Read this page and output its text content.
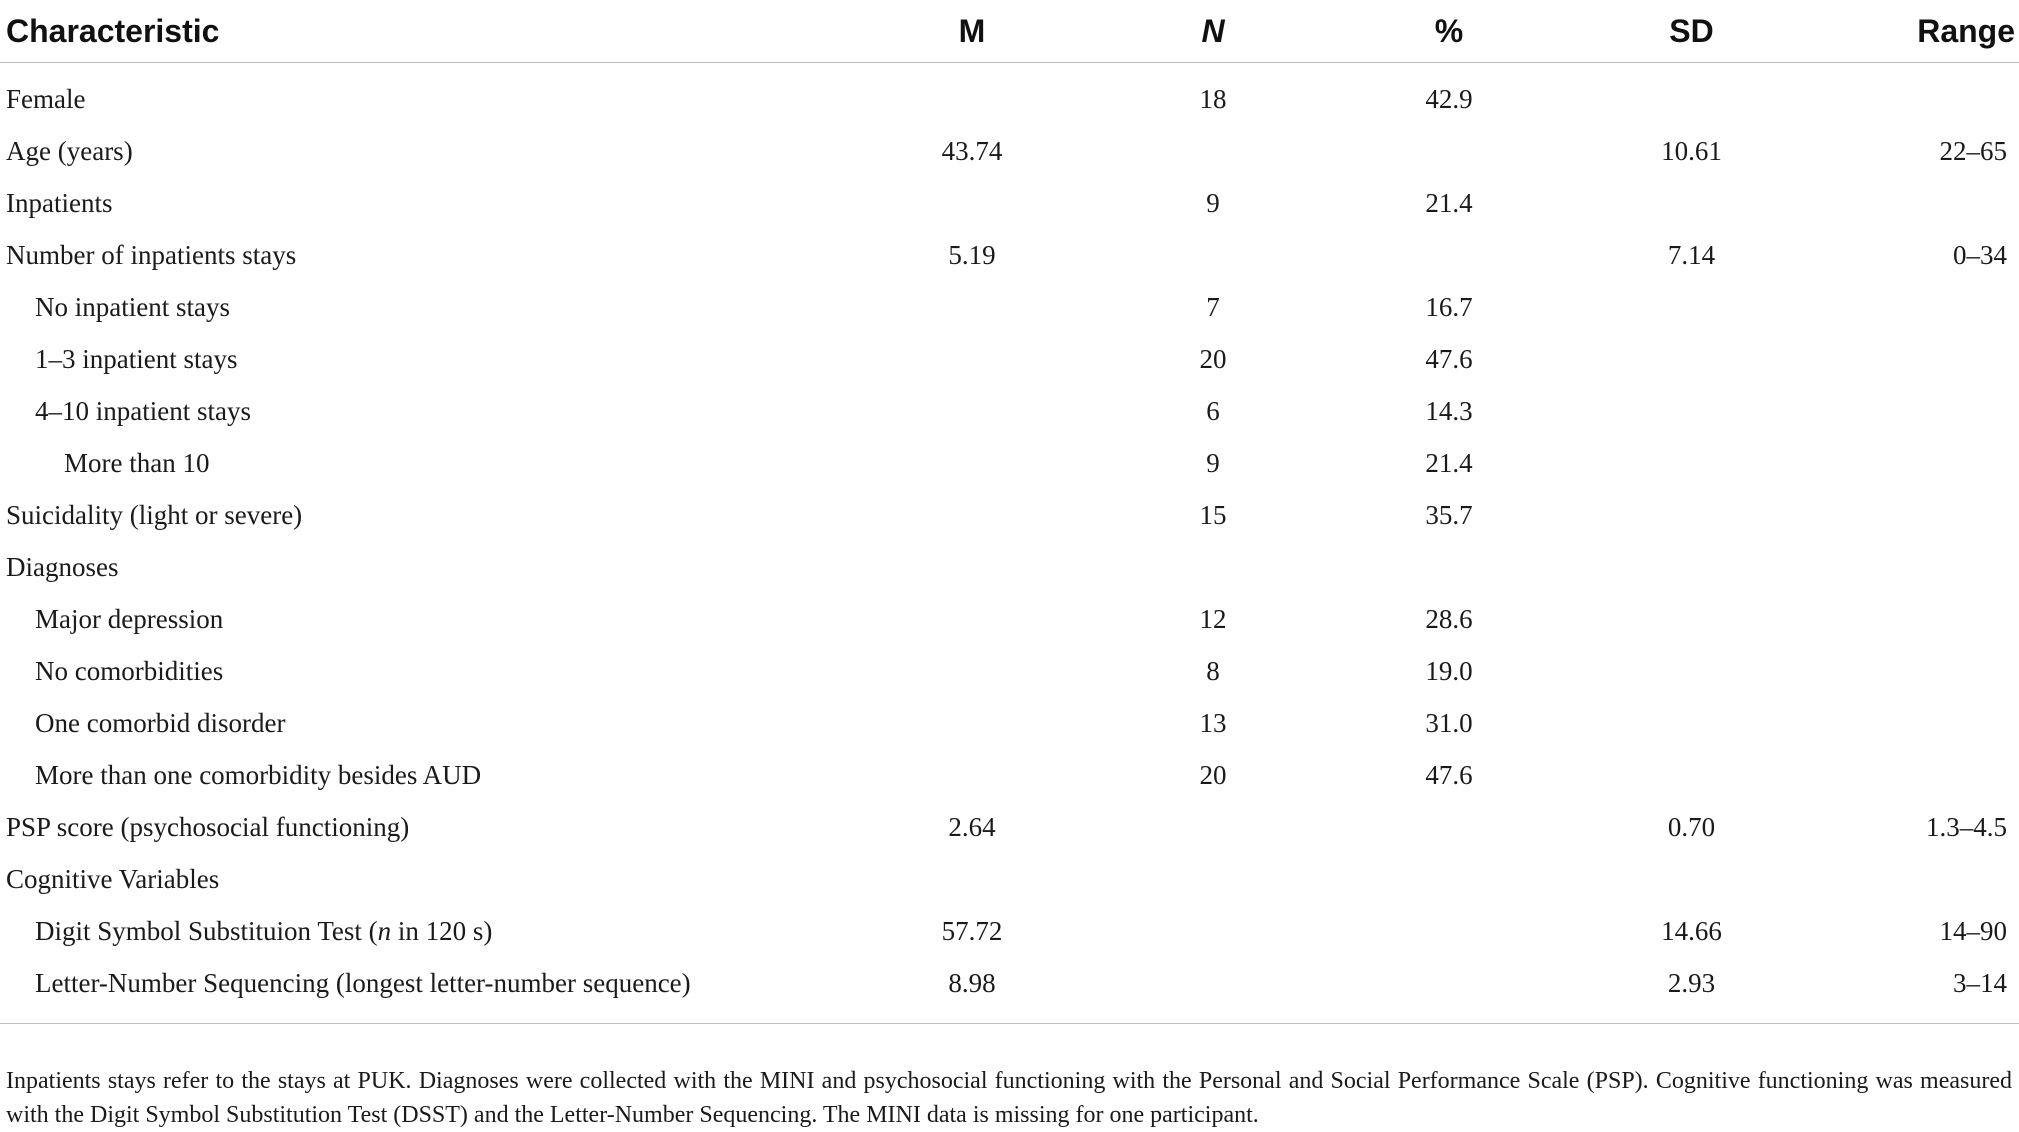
Characteristic	M	N	%	SD	Range

Female		18	42.9		
Age (years)	43.74			10.61	22–65
Inpatients		9	21.4		
Number of inpatients stays	5.19			7.14	0–34
No inpatient stays		7	16.7		
1–3 inpatient stays		20	47.6		
4–10 inpatient stays		6	14.3		
More than 10		9	21.4		
Suicidality (light or severe)		15	35.7		
Diagnoses					
Major depression		12	28.6		
No comorbidities		8	19.0		
One comorbid disorder		13	31.0		
More than one comorbidity besides AUD		20	47.6		
PSP score (psychosocial functioning)	2.64			0.70	1.3–4.5
Cognitive Variables					
Digit Symbol Substituion Test (n in 120 s)	57.72			14.66	14–90
Letter-Number Sequencing (longest letter-number sequence)	8.98			2.93	3–14

Inpatients stays refer to the stays at PUK. Diagnoses were collected with the MINI and psychosocial functioning with the Personal and Social Performance Scale (PSP). Cognitive functioning was measured with the Digit Symbol Substitution Test (DSST) and the Letter-Number Sequencing. The MINI data is missing for one participant.
